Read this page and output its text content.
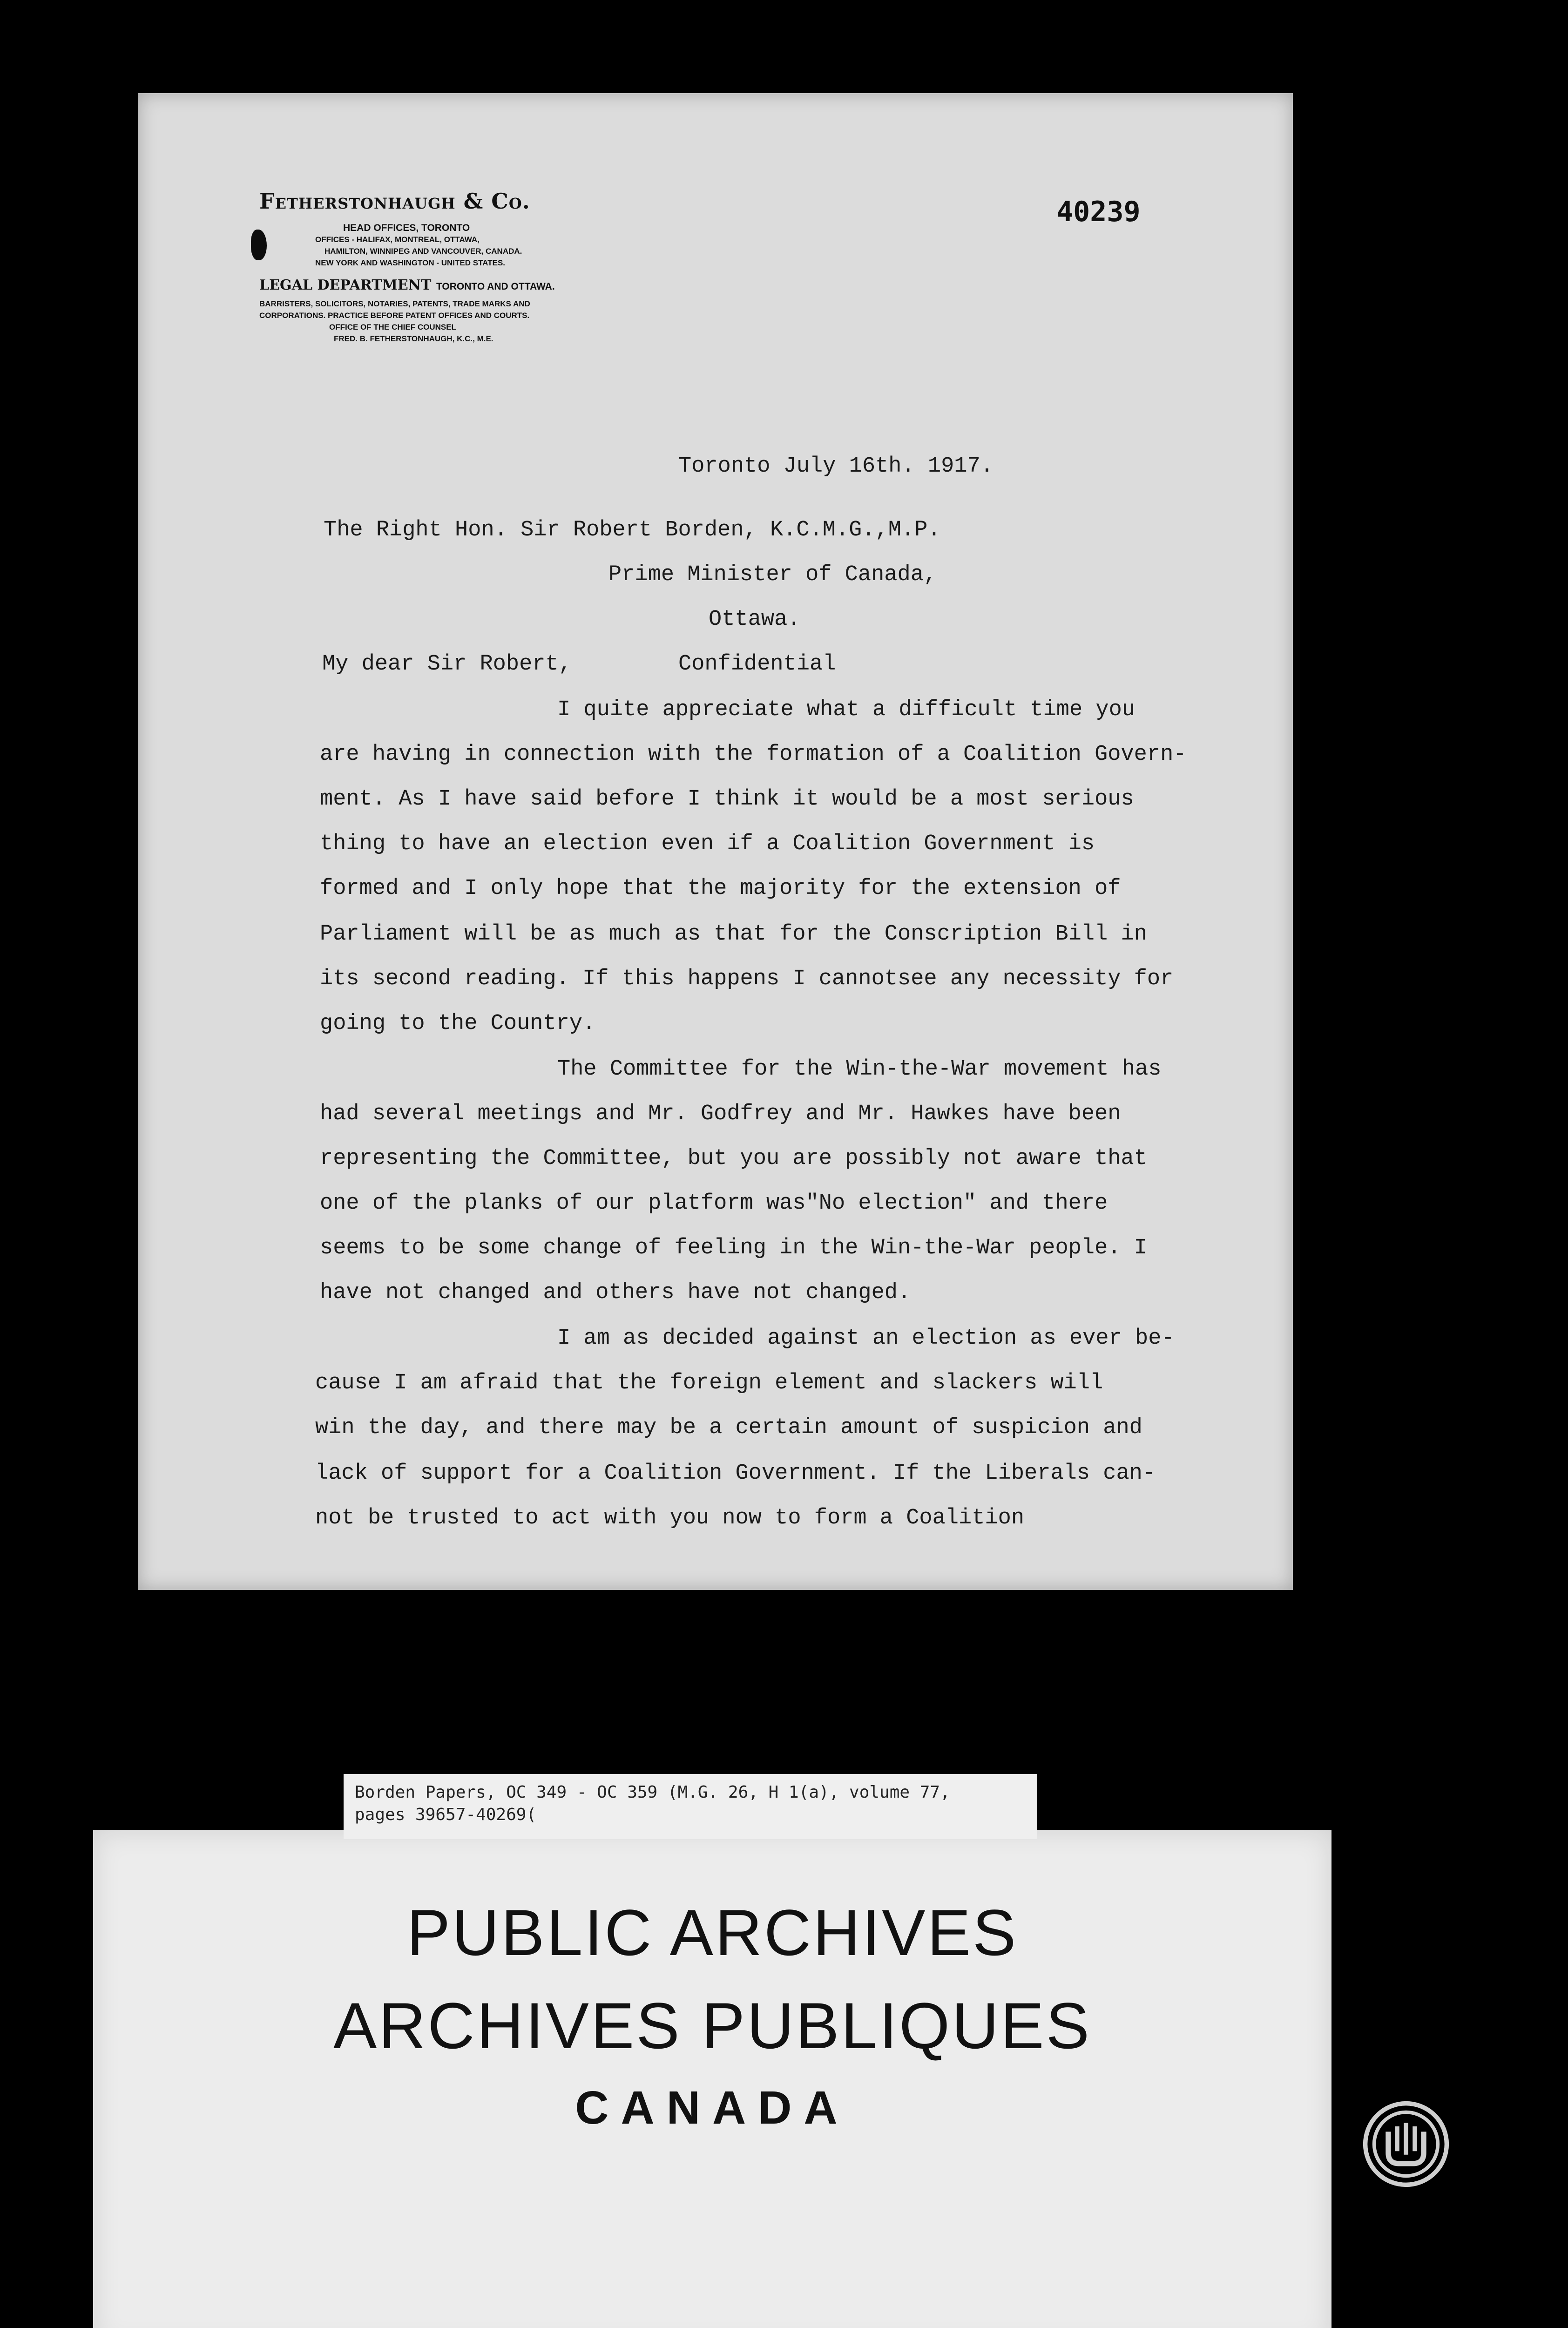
Fetherstonhaugh & Co.

HEAD OFFICES, TORONTO

OFFICES - HALIFAX, MONTREAL, OTTAWA,

HAMILTON, WINNIPEG AND VANCOUVER, CANADA.

NEW YORK AND WASHINGTON - UNITED STATES.

LEGAL DEPARTMENT TORONTO AND OTTAWA.

BARRISTERS, SOLICITORS, NOTARIES, PATENTS, TRADE MARKS AND

CORPORATIONS. PRACTICE BEFORE PATENT OFFICES AND COURTS.

OFFICE OF THE CHIEF COUNSEL

FRED. B. FETHERSTONHAUGH, K.C., M.E.

40239

Toronto July 16th. 1917.

The Right Hon. Sir Robert Borden, K.C.M.G.,M.P.

Prime Minister of Canada,

Ottawa.

My dear Sir Robert,	Confidential

I quite appreciate what a difficult time you

are having in connection with the formation of a Coalition Govern-

ment. As I have said before I think it would be a most serious

thing to have an election even if a Coalition Government is

formed and I only hope that the majority for the extension of

Parliament will be as much as that for the Conscription Bill in

its second reading. If this happens I cannotsee any necessity for

going to the Country.

The Committee for the Win-the-War movement has

had several meetings and Mr. Godfrey and Mr. Hawkes have been

representing the Committee, but you are possibly not aware that

one of the planks of our platform was"No election" and there

seems to be some change of feeling in the Win-the-War people. I

have not changed and others have not changed.

I am as decided against an election as ever be-

cause I am afraid that the foreign element and slackers will

win the day, and there may be a certain amount of suspicion and

lack of support for a Coalition Government. If the Liberals can-

not be trusted to act with you now to form a Coalition

PUBLIC ARCHIVES

ARCHIVES PUBLIQUES

CANADA

Borden Papers, OC 349 - OC 359 (M.G. 26, H 1(a), volume 77,

pages 39657-40269(
